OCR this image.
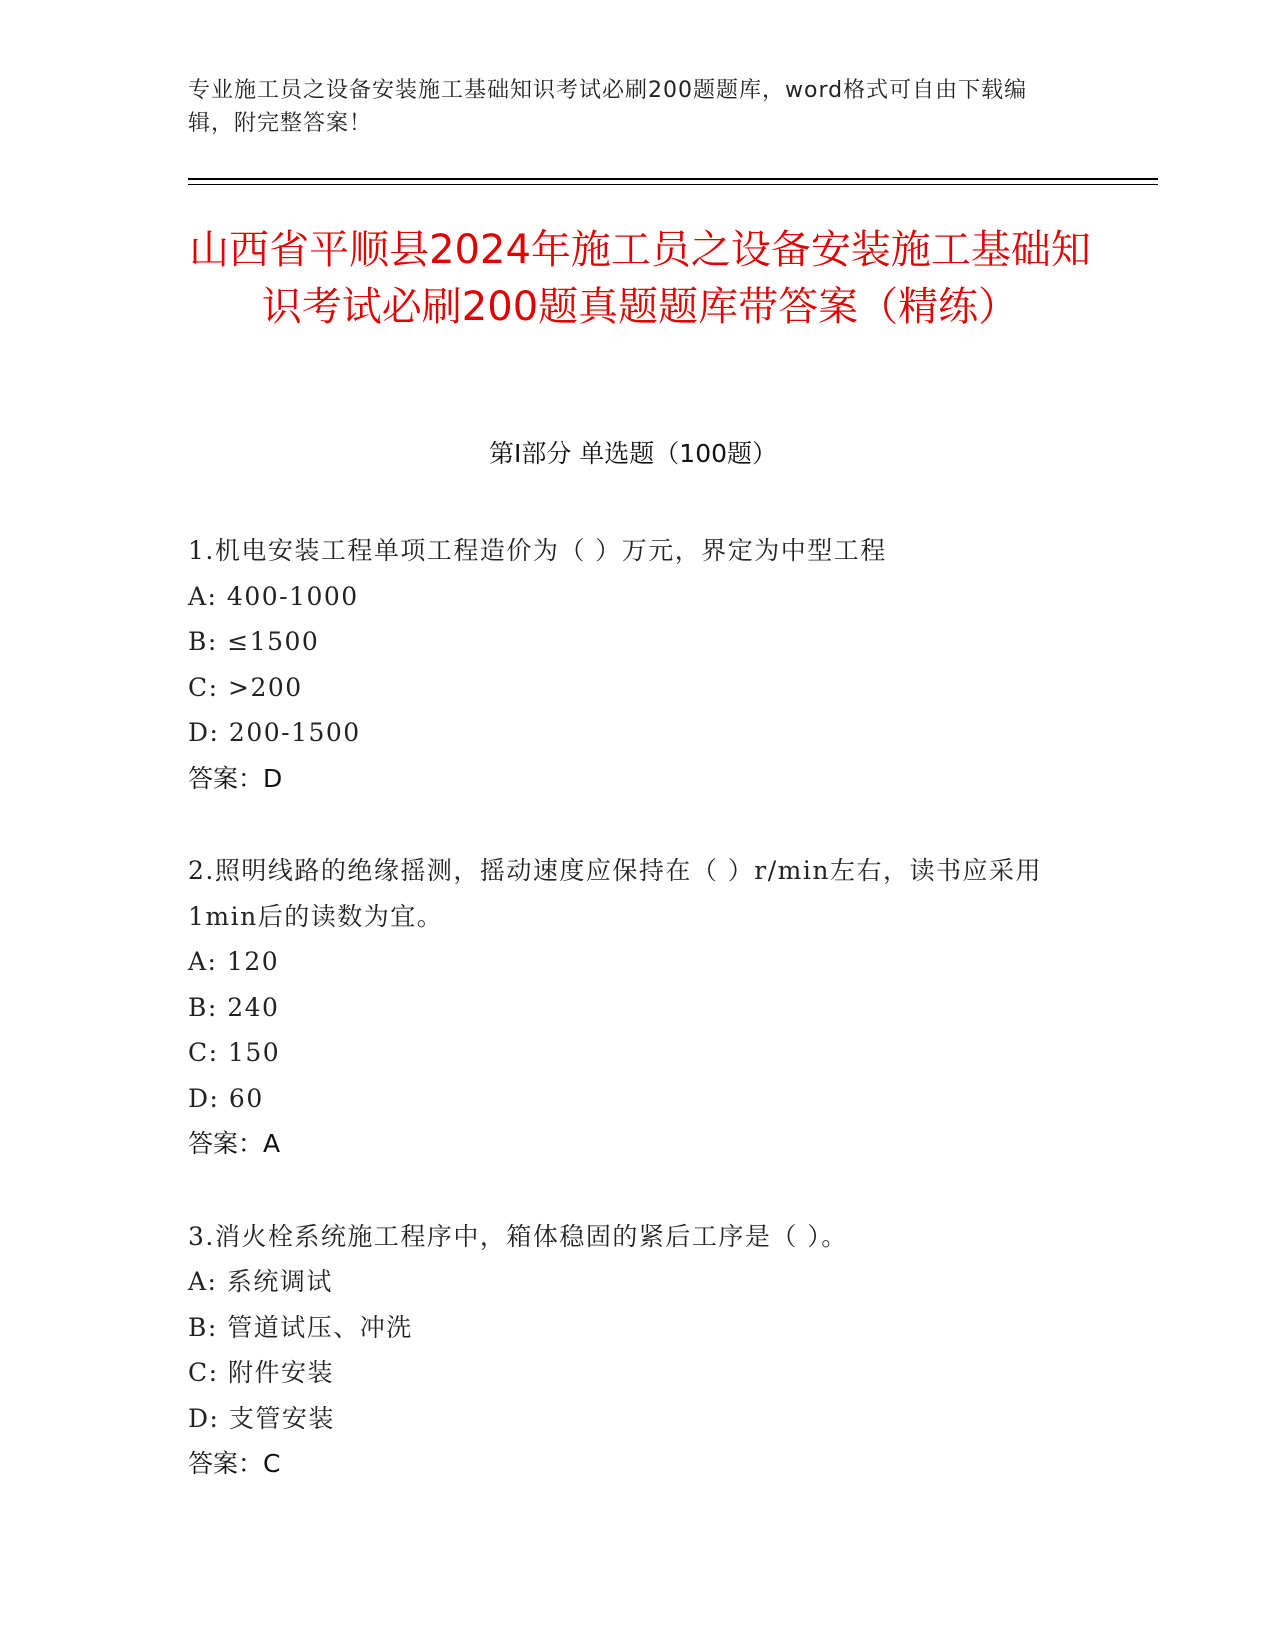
专业施工员之设备安装施工基础知识考试必刷200题题库，word格式可自由下载编辑，附完整答案！
山西省平顺县2024年施工员之设备安装施工基础知识考试必刷200题真题题库带答案（精练）
第Ⅰ部分 单选题（100题）
1.机电安装工程单项工程造价为（ ）万元，界定为中型工程
A: 400-1000
B: ≤1500
C: >200
D: 200-1500
答案：D
2.照明线路的绝缘摇测，摇动速度应保持在（ ）r/min左右，读书应采用1min后的读数为宜。
A: 120
B: 240
C: 150
D: 60
答案：A
3.消火栓系统施工程序中，箱体稳固的紧后工序是（ ）。
A: 系统调试
B: 管道试压、冲洗
C: 附件安装
D: 支管安装
答案：C
